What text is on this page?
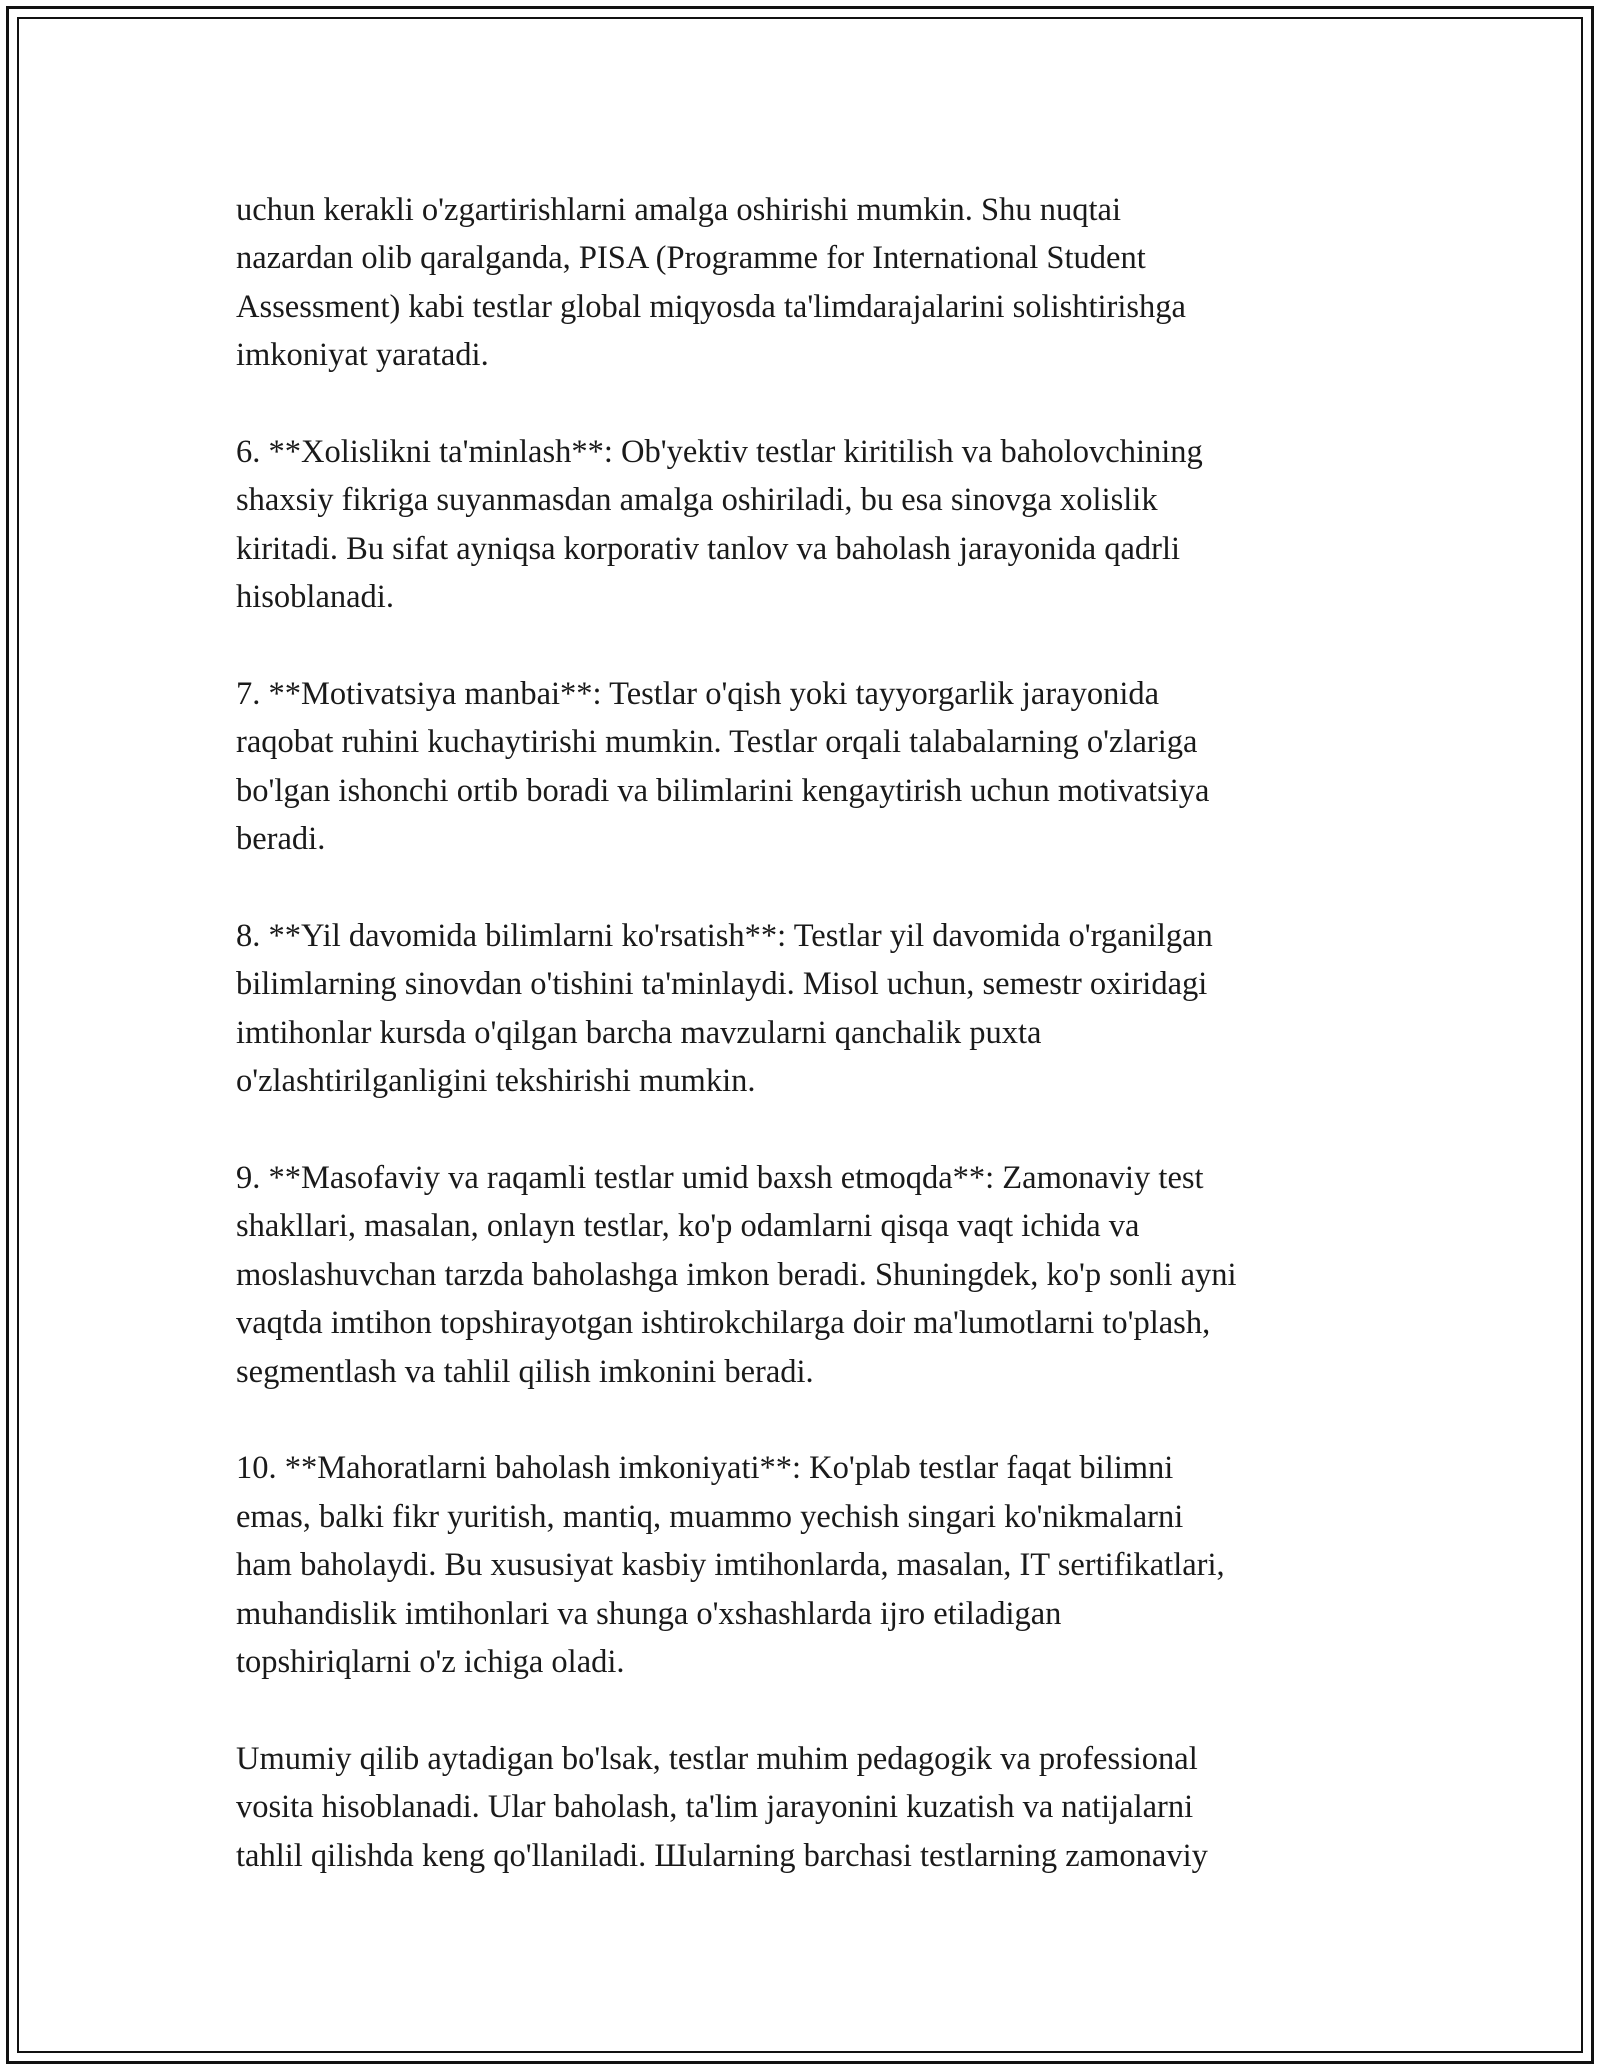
uchun kerakli o'zgartirishlarni amalga oshirishi mumkin. Shu nuqtai
nazardan olib qaralganda, PISA (Programme for International Student
Assessment) kabi testlar global miqyosda ta'limdarajalarini solishtirishga
imkoniyat yaratadi.

6. **Xolislikni ta'minlash**: Ob'yektiv testlar kiritilish va baholovchining
shaxsiy fikriga suyanmasdan amalga oshiriladi, bu esa sinovga xolislik
kiritadi. Bu sifat ayniqsa korporativ tanlov va baholash jarayonida qadrli
hisoblanadi.

7. **Motivatsiya manbai**: Testlar o'qish yoki tayyorgarlik jarayonida
raqobat ruhini kuchaytirishi mumkin. Testlar orqali talabalarning o'zlariga
bo'lgan ishonchi ortib boradi va bilimlarini kengaytirish uchun motivatsiya
beradi.

8. **Yil davomida bilimlarni ko'rsatish**: Testlar yil davomida o'rganilgan
bilimlarning sinovdan o'tishini ta'minlaydi. Misol uchun, semestr oxiridagi
imtihonlar kursda o'qilgan barcha mavzularni qanchalik puxta
o'zlashtirilganligini tekshirishi mumkin.

9. **Masofaviy va raqamli testlar umid baxsh etmoqda**: Zamonaviy test
shakllari, masalan, onlayn testlar, ko'p odamlarni qisqa vaqt ichida va
moslashuvchan tarzda baholashga imkon beradi. Shuningdek, ko'p sonli ayni
vaqtda imtihon topshirayotgan ishtirokchilarga doir ma'lumotlarni to'plash,
segmentlash va tahlil qilish imkonini beradi.

10. **Mahoratlarni baholash imkoniyati**: Ko'plab testlar faqat bilimni
emas, balki fikr yuritish, mantiq, muammo yechish singari ko'nikmalarni
ham baholaydi. Bu xususiyat kasbiy imtihonlarda, masalan, IT sertifikatlari,
muhandislik imtihonlari va shunga o'xshashlarda ijro etiladigan
topshiriqlarni o'z ichiga oladi.

Umumiy qilib aytadigan bo'lsak, testlar muhim pedagogik va professional
vosita hisoblanadi. Ular baholash, ta'lim jarayonini kuzatish va natijalarni
tahlil qilishda keng qo'llaniladi. Шularning barchasi testlarning zamonaviy
